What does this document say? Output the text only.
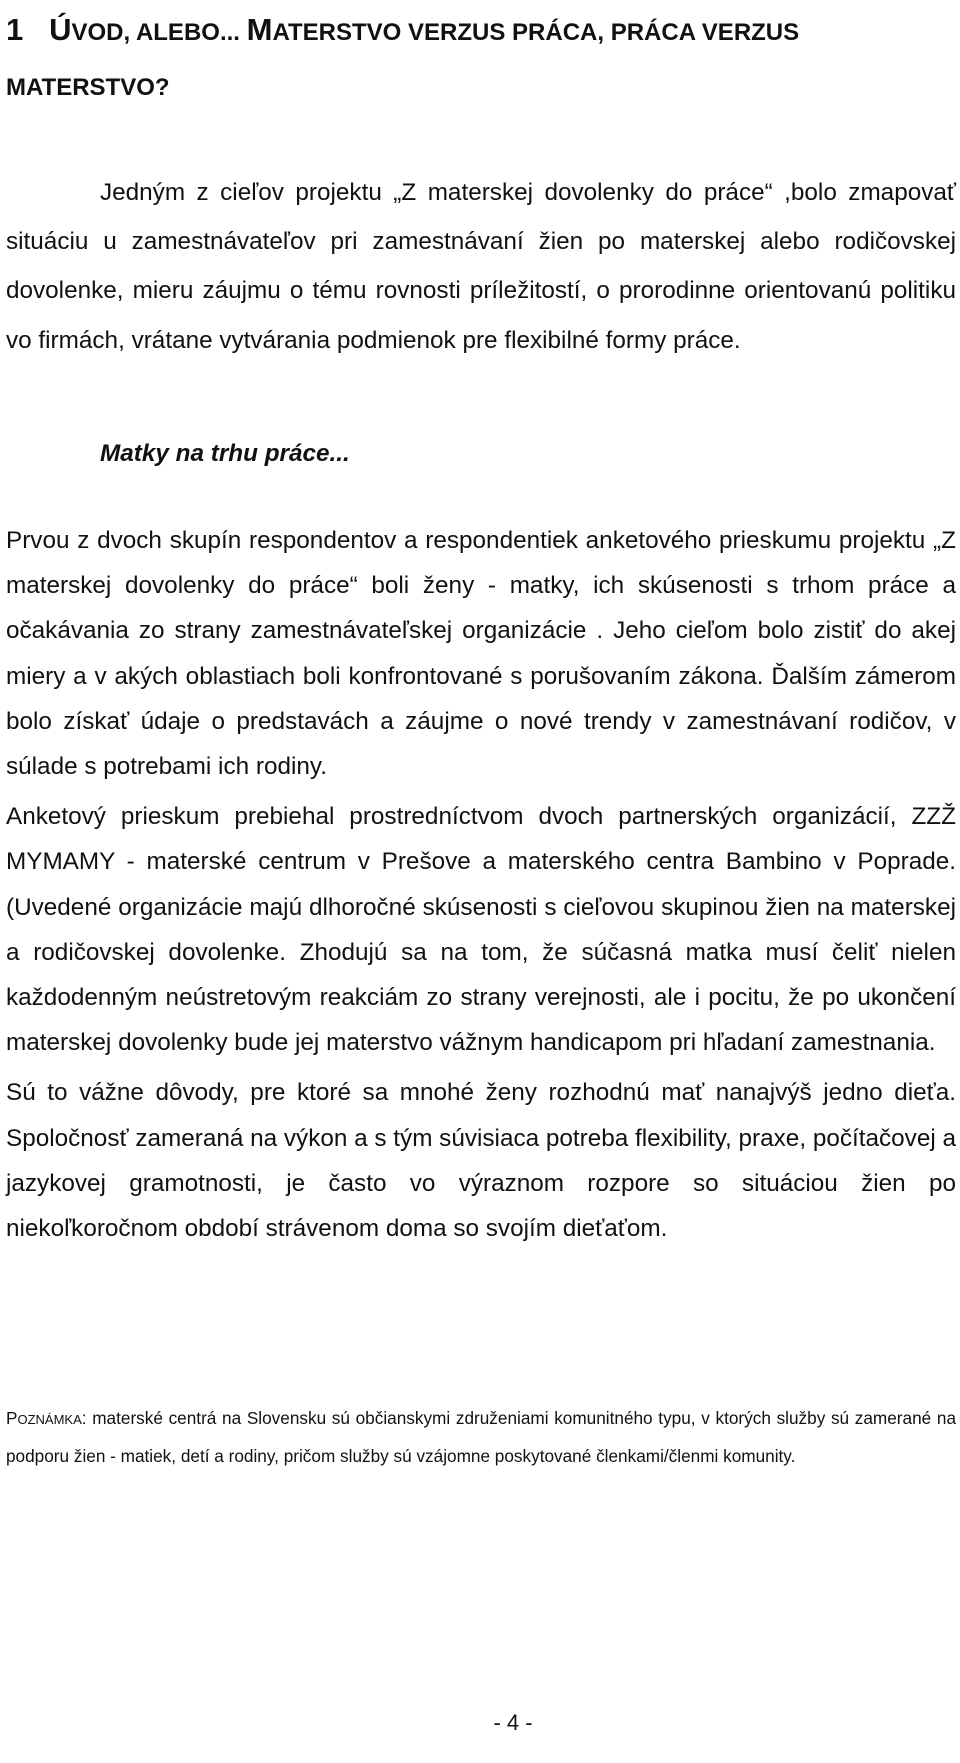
1 ÚVOD, ALEBO... MATERSTVO VERZUS PRÁCA, PRÁCA VERZUS MATERSTVO?

Jedným z cieľov projektu „Z materskej dovolenky do práce“ ,bolo zmapovať situáciu u zamestnávateľov pri zamestnávaní žien po materskej alebo rodičovskej dovolenke, mieru záujmu o tému rovnosti príležitostí, o prorodinne orientovanú politiku vo firmách, vrátane vytvárania podmienok pre flexibilné formy práce.

Matky na trhu práce...

Prvou z dvoch skupín respondentov a respondentiek anketového prieskumu projektu „Z materskej dovolenky do práce“ boli ženy - matky, ich skúsenosti s trhom práce a očakávania zo strany zamestnávateľskej organizácie . Jeho cieľom bolo zistiť do akej miery a v akých oblastiach boli konfrontované s porušovaním zákona. Ďalším zámerom bolo získať údaje o predstavách a záujme o nové trendy v zamestnávaní rodičov, v súlade s potrebami ich rodiny.

Anketový prieskum prebiehal prostredníctvom dvoch partnerských organizácií, ZZŽ MYMAMY - materské centrum v Prešove a materského centra Bambino v Poprade. (Uvedené organizácie majú dlhoročné skúsenosti s cieľovou skupinou žien na materskej a rodičovskej dovolenke. Zhodujú sa na tom, že súčasná matka musí čeliť nielen každodenným neústretovým reakciám zo strany verejnosti, ale i pocitu, že po ukončení materskej dovolenky bude jej materstvo vážnym handicapom pri hľadaní zamestnania.

Sú to vážne dôvody, pre ktoré sa mnohé ženy rozhodnú mať nanajvýš jedno dieťa. Spoločnosť zameraná na výkon a s tým súvisiaca potreba flexibility, praxe, počítačovej a jazykovej gramotnosti, je často vo výraznom rozpore so situáciou žien po niekoľkoročnom období strávenom doma so svojím dieťaťom.

POZNÁMKA: materské centrá na Slovensku sú občianskymi združeniami komunitného typu, v ktorých služby sú zamerané na podporu žien - matiek, detí a rodiny, pričom služby sú vzájomne poskytované členkami/členmi komunity.

- 4 -
